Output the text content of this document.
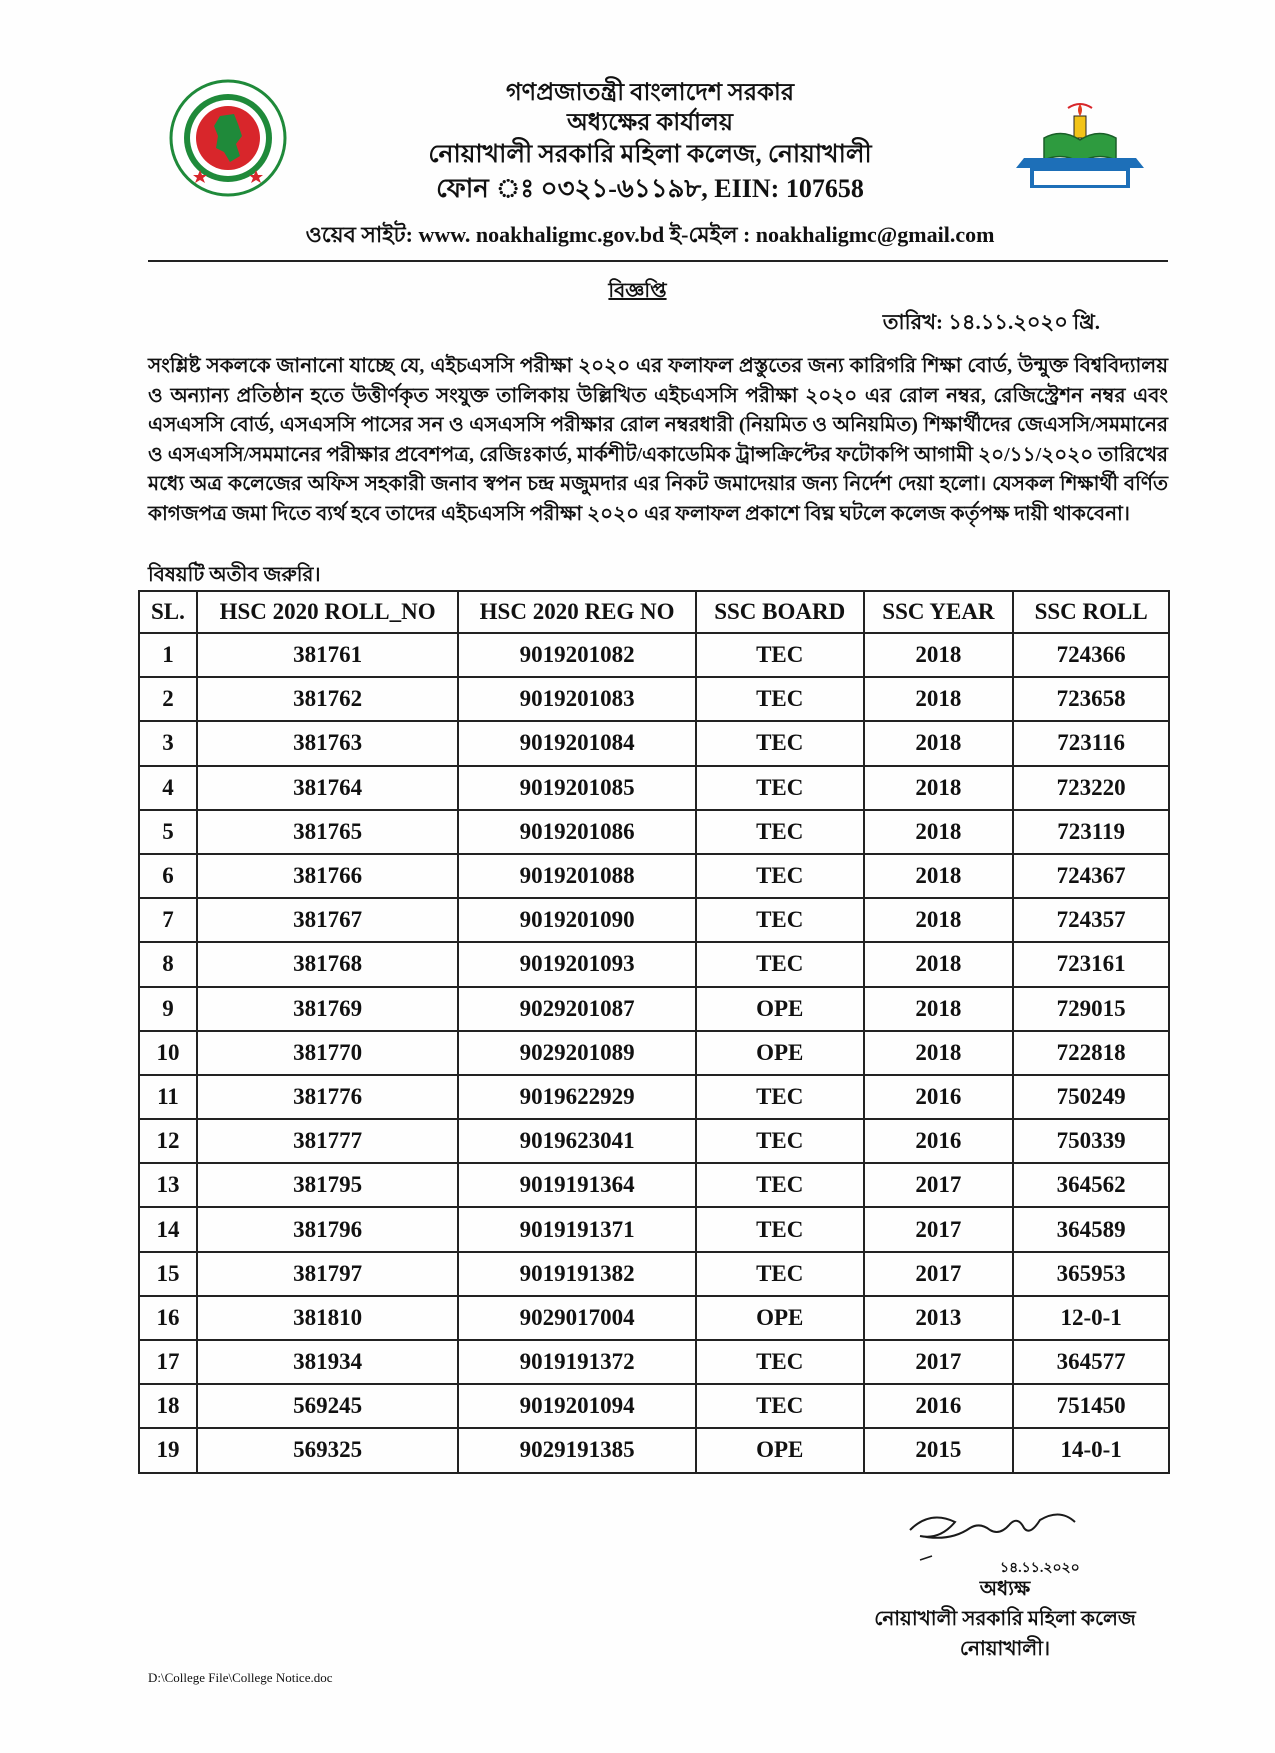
গণপ্রজাতন্ত্রী বাংলাদেশ সরকার
অধ্যক্ষের কার্যালয়
নোয়াখালী সরকারি মহিলা কলেজ, নোয়াখালী
ফোন ঃ ০৩২১-৬১১৯৮, EIIN: 107658
ওয়েব সাইট: www. noakhaligmc.gov.bd ই-মেইল : noakhaligmc@gmail.com
বিজ্ঞপ্তি
তারিখ: ১৪.১১.২০২০ খ্রি.
সংশ্লিষ্ট সকলকে জানানো যাচ্ছে যে, এইচএসসি পরীক্ষা ২০২০ এর ফলাফল প্রস্তুতের জন্য কারিগরি শিক্ষা বোর্ড, উন্মুক্ত বিশ্ববিদ্যালয় ও অন্যান্য প্রতিষ্ঠান হতে উত্তীর্ণকৃত সংযুক্ত তালিকায় উল্লিখিত এইচএসসি পরীক্ষা ২০২০ এর রোল নম্বর, রেজিস্ট্রেশন নম্বর এবং এসএসসি বোর্ড, এসএসসি পাসের সন ও এসএসসি পরীক্ষার রোল নম্বরধারী (নিয়মিত ও অনিয়মিত) শিক্ষার্থীদের জেএসসি/সমমানের ও এসএসসি/সমমানের পরীক্ষার প্রবেশপত্র, রেজিঃকার্ড, মার্কশীট/একাডেমিক ট্রান্সক্রিপ্টের ফটোকপি আগামী ২০/১১/২০২০ তারিখের মধ্যে অত্র কলেজের অফিস সহকারী জনাব স্বপন চন্দ্র মজুমদার এর নিকট জমাদেয়ার জন্য নির্দেশ দেয়া হলো। যেসকল শিক্ষার্থী বর্ণিত কাগজপত্র জমা দিতে ব্যর্থ হবে তাদের এইচএসসি পরীক্ষা ২০২০ এর ফলাফল প্রকাশে বিঘ্ন ঘটলে কলেজ কর্তৃপক্ষ দায়ী থাকবেনা।
বিষয়টি অতীব জরুরি।
SL.	HSC 2020 ROLL_NO	HSC 2020 REG NO	SSC BOARD	SSC YEAR	SSC ROLL
1	381761	9019201082	TEC	2018	724366
2	381762	9019201083	TEC	2018	723658
3	381763	9019201084	TEC	2018	723116
4	381764	9019201085	TEC	2018	723220
5	381765	9019201086	TEC	2018	723119
6	381766	9019201088	TEC	2018	724367
7	381767	9019201090	TEC	2018	724357
8	381768	9019201093	TEC	2018	723161
9	381769	9029201087	OPE	2018	729015
10	381770	9029201089	OPE	2018	722818
11	381776	9019622929	TEC	2016	750249
12	381777	9019623041	TEC	2016	750339
13	381795	9019191364	TEC	2017	364562
14	381796	9019191371	TEC	2017	364589
15	381797	9019191382	TEC	2017	365953
16	381810	9029017004	OPE	2013	12-0-1
17	381934	9019191372	TEC	2017	364577
18	569245	9019201094	TEC	2016	751450
19	569325	9029191385	OPE	2015	14-0-1
১৪.১১.২০২০
অধ্যক্ষ
নোয়াখালী সরকারি মহিলা কলেজ
নোয়াখালী।
D:\College File\College Notice.doc
